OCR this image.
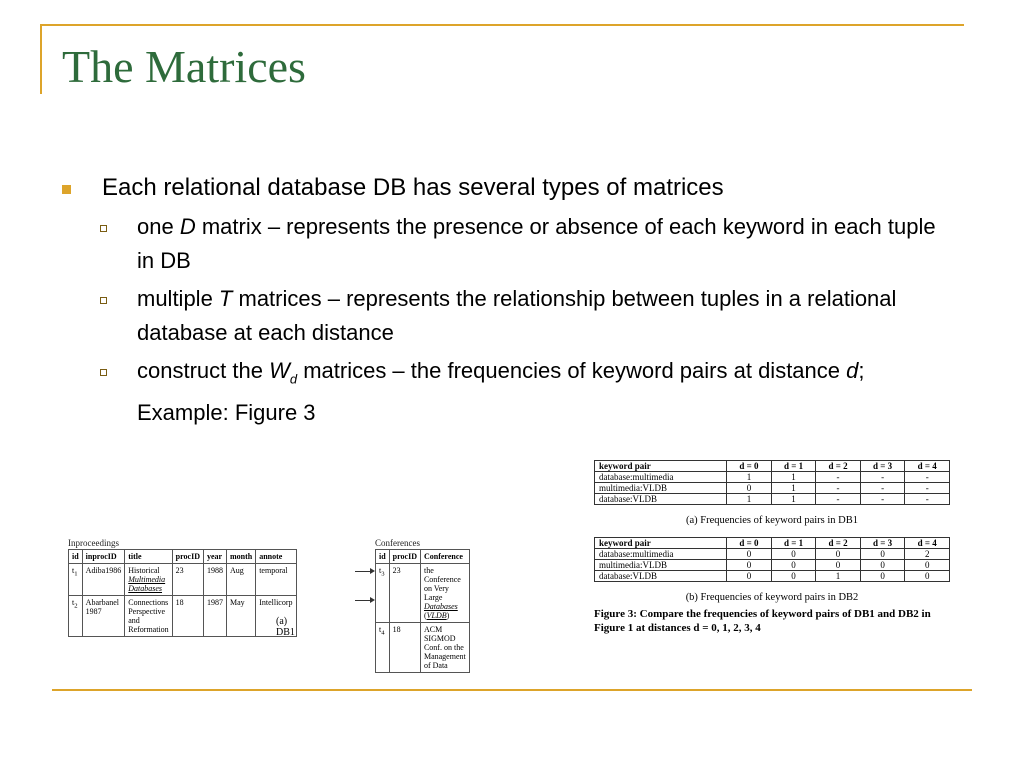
The Matrices
Each relational database DB has several types of matrices
one D matrix – represents the presence or absence of each keyword in each tuple in DB
multiple T matrices – represents the relationship between tuples in a relational database at each distance
construct the $W_d$ matrices – the frequencies of keyword pairs at distance d; Example: Figure 3
Inproceedings
id	inprocID	title	procID	year	month	annote
$t_1$	Adiba1986	Historical Multimedia Databases	23	1988	Aug	temporal
$t_2$	Abarbanel 1987	Connections Perspective and Reformation	18	1987	May	Intellicorp
Conferences
id	procID	Conference
$t_3$	23	the Conference on Very Large Databases (VLDB)
$t_4$	18	ACM SIGMOD Conf. on the Management of Data
(a) DB1
keyword pair	d = 0	d = 1	d = 2	d = 3	d = 4
database:multimedia	1	1	-	-	-
multimedia:VLDB	0	1	-	-	-
database:VLDB	1	1	-	-	-
(a) Frequencies of keyword pairs in DB1
keyword pair	d = 0	d = 1	d = 2	d = 3	d = 4
database:multimedia	0	0	0	0	2
multimedia:VLDB	0	0	0	0	0
database:VLDB	0	0	1	0	0
(b) Frequencies of keyword pairs in DB2
Figure 3: Compare the frequencies of keyword pairs of DB1 and DB2 in Figure 1 at distances d = 0, 1, 2, 3, 4
